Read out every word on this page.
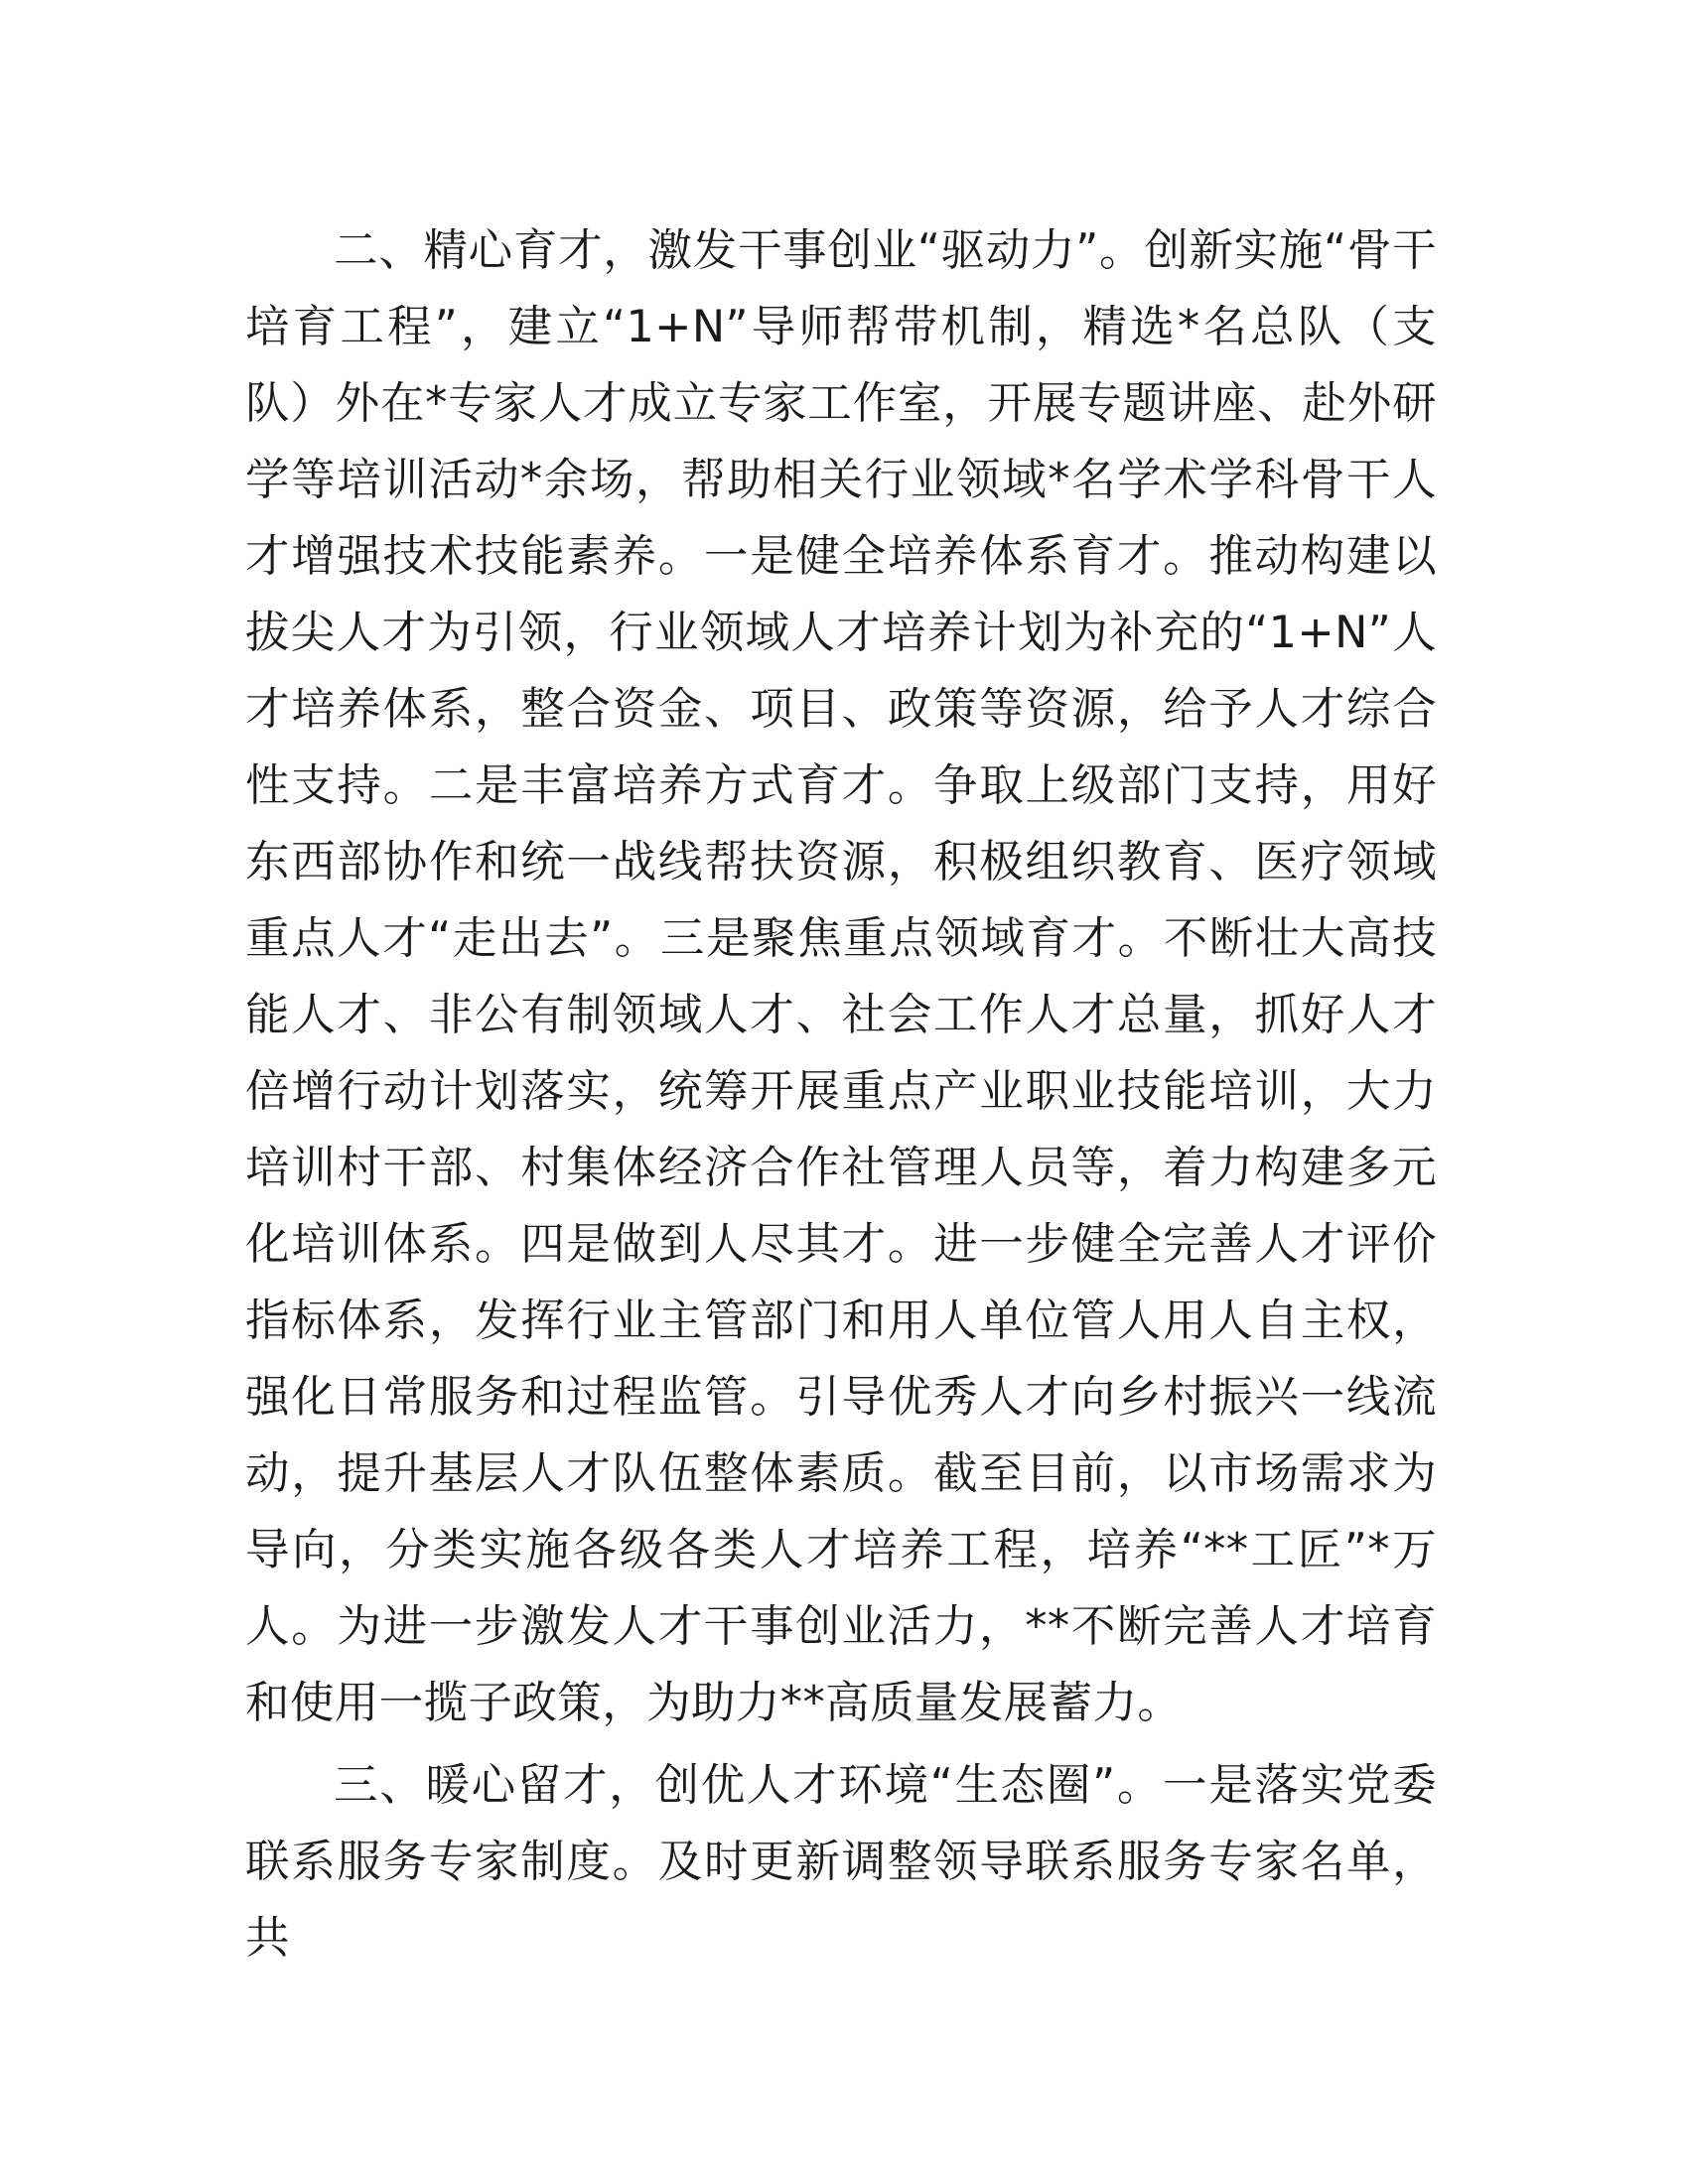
二、精心育才，激发干事创业“驱动力”。创新实施“骨干培育工程”，建立“1+N”导师帮带机制，精选*名总队（支队）外在*专家人才成立专家工作室，开展专题讲座、赴外研学等培训活动*余场，帮助相关行业领域*名学术学科骨干人才增强技术技能素养。一是健全培养体系育才。推动构建以拔尖人才为引领，行业领域人才培养计划为补充的“1+N”人才培养体系，整合资金、项目、政策等资源，给予人才综合性支持。二是丰富培养方式育才。争取上级部门支持，用好东西部协作和统一战线帮扶资源，积极组织教育、医疗领域重点人才“走出去”。三是聚焦重点领域育才。不断壮大高技能人才、非公有制领域人才、社会工作人才总量，抓好人才倍增行动计划落实，统筹开展重点产业职业技能培训，大力培训村干部、村集体经济合作社管理人员等，着力构建多元化培训体系。四是做到人尽其才。进一步健全完善人才评价指标体系，发挥行业主管部门和用人单位管人用人自主权，强化日常服务和过程监管。引导优秀人才向乡村振兴一线流动，提升基层人才队伍整体素质。截至目前，以市场需求为导向，分类实施各级各类人才培养工程，培养“**工匠”*万人。为进一步激发人才干事创业活力，**不断完善人才培育和使用一揽子政策，为助力**高质量发展蓄力。

三、暖心留才，创优人才环境“生态圈”。一是落实党委联系服务专家制度。及时更新调整领导联系服务专家名单，共
